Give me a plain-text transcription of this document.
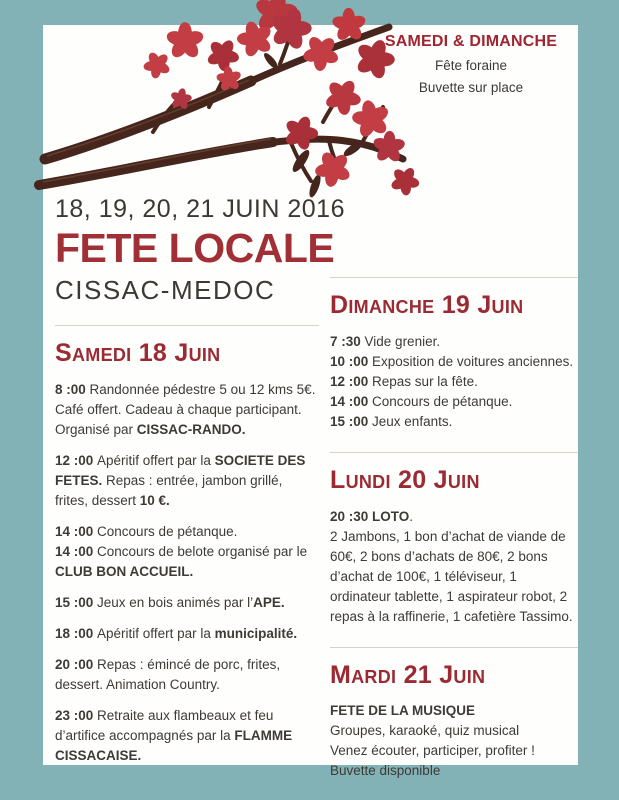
SAMEDI & DIMANCHE
Fête foraine
Buvette sur place
18, 19, 20, 21 JUIN 2016
FETE LOCALE
CISSAC-MEDOC
Samedi 18 Juin

8 :00 Randonnée pédestre 5 ou 12 kms 5€. Café offert. Cadeau à chaque participant. Organisé par CISSAC-RANDO.

12 :00 Apéritif offert par la SOCIETE DES FETES. Repas : entrée, jambon grillé, frites, dessert 10 €.

14 :00 Concours de pétanque.

14 :00 Concours de belote organisé par le CLUB BON ACCUEIL.

15 :00 Jeux en bois animés par l’APE.

18 :00 Apéritif offert par la municipalité.

20 :00 Repas : émincé de porc, frites, dessert. Animation Country.

23 :00 Retraite aux flambeaux et feu d’artifice accompagnés par la FLAMME CISSACAISE.

Dimanche 19 Juin

7 :30 Vide grenier.

10 :00 Exposition de voitures anciennes.

12 :00 Repas sur la fête.

14 :00 Concours de pétanque.

15 :00 Jeux enfants.

Lundi 20 Juin

20 :30 LOTO.

2 Jambons, 1 bon d’achat de viande de 60€, 2 bons d’achats de 80€, 2 bons d’achat de 100€, 1 téléviseur, 1 ordinateur tablette, 1 aspirateur robot, 2 repas à la raffinerie, 1 cafetière Tassimo.

Mardi 21 Juin

FETE DE LA MUSIQUE

Groupes, karaoké, quiz musical

Venez écouter, participer, profiter !

Buvette disponible
